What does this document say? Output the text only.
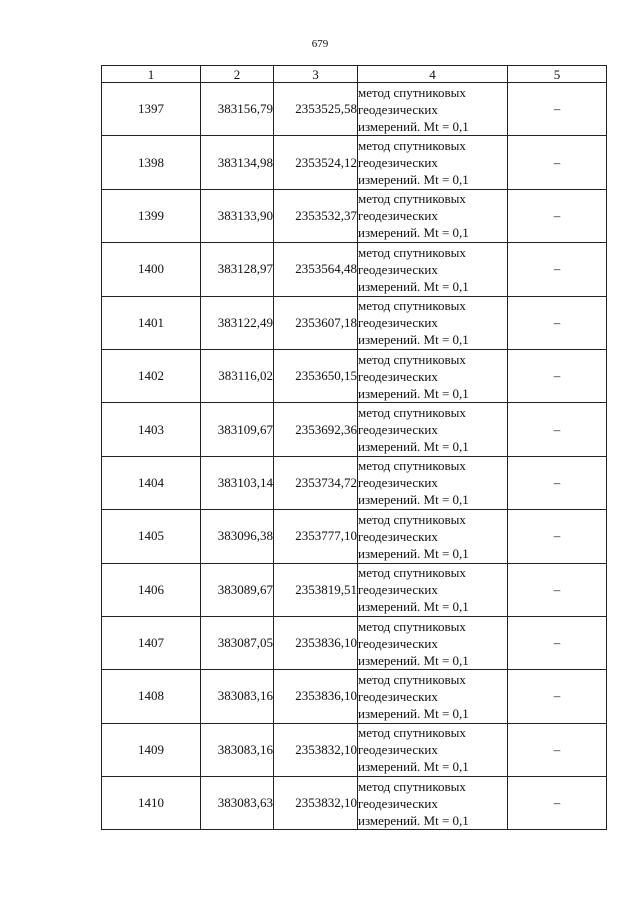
679
1	2	3	4	5
1397	383156,79	2353525,58	метод спутниковых
геодезических
измерений. Mt = 0,1	–
1398	383134,98	2353524,12	метод спутниковых
геодезических
измерений. Mt = 0,1	–
1399	383133,90	2353532,37	метод спутниковых
геодезических
измерений. Mt = 0,1	–
1400	383128,97	2353564,48	метод спутниковых
геодезических
измерений. Mt = 0,1	–
1401	383122,49	2353607,18	метод спутниковых
геодезических
измерений. Mt = 0,1	–
1402	383116,02	2353650,15	метод спутниковых
геодезических
измерений. Mt = 0,1	–
1403	383109,67	2353692,36	метод спутниковых
геодезических
измерений. Mt = 0,1	–
1404	383103,14	2353734,72	метод спутниковых
геодезических
измерений. Mt = 0,1	–
1405	383096,38	2353777,10	метод спутниковых
геодезических
измерений. Mt = 0,1	–
1406	383089,67	2353819,51	метод спутниковых
геодезических
измерений. Mt = 0,1	–
1407	383087,05	2353836,10	метод спутниковых
геодезических
измерений. Mt = 0,1	–
1408	383083,16	2353836,10	метод спутниковых
геодезических
измерений. Mt = 0,1	–
1409	383083,16	2353832,10	метод спутниковых
геодезических
измерений. Mt = 0,1	–
1410	383083,63	2353832,10	метод спутниковых
геодезических
измерений. Mt = 0,1	–
